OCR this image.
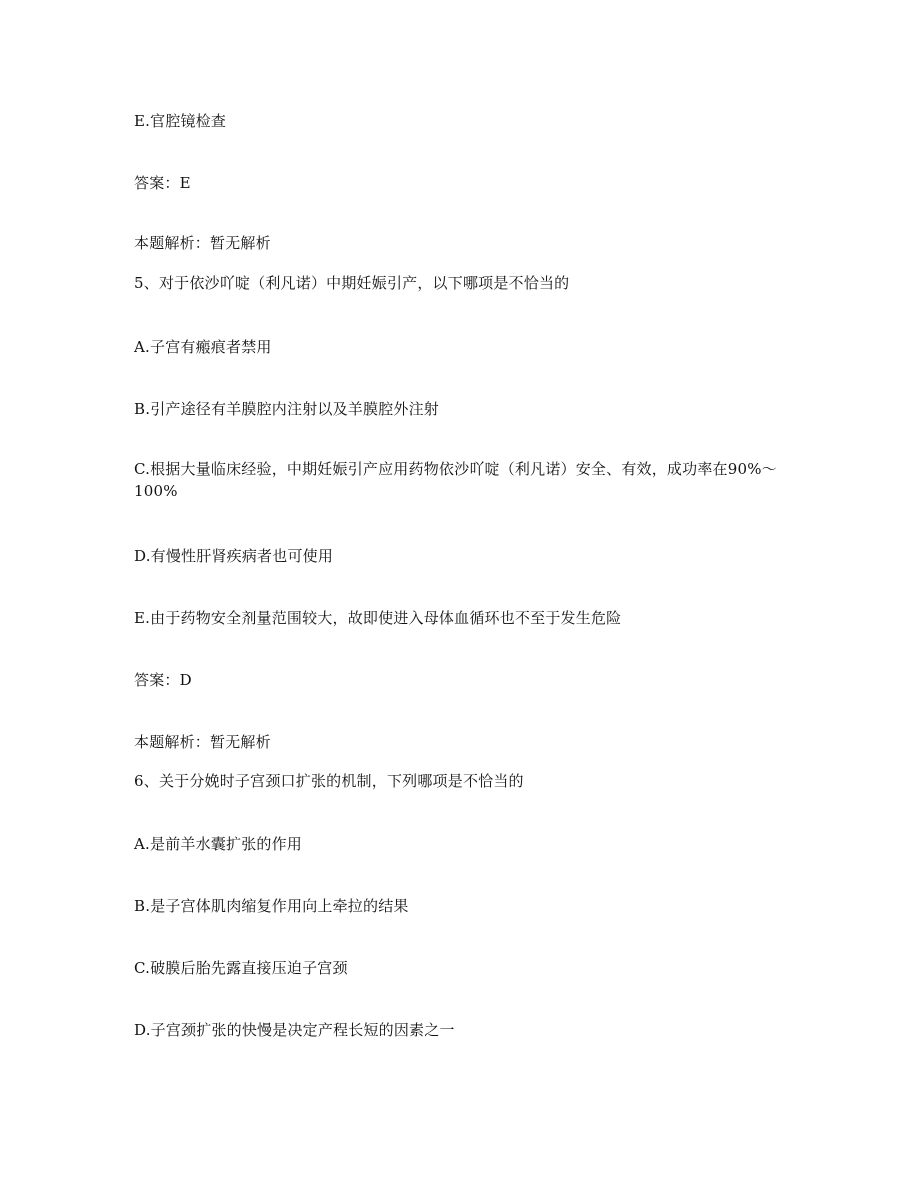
E.官腔镜检查
答案：E
本题解析：暂无解析
5、对于依沙吖啶（利凡诺）中期妊娠引产，以下哪项是不恰当的
A.子宫有瘢痕者禁用
B.引产途径有羊膜腔内注射以及羊膜腔外注射
C.根据大量临床经验，中期妊娠引产应用药物依沙吖啶（利凡诺）安全、有效，成功率在90%～100%
D.有慢性肝肾疾病者也可使用
E.由于药物安全剂量范围较大，故即使进入母体血循环也不至于发生危险
答案：D
本题解析：暂无解析
6、关于分娩时子宫颈口扩张的机制，下列哪项是不恰当的
A.是前羊水囊扩张的作用
B.是子宫体肌肉缩复作用向上牵拉的结果
C.破膜后胎先露直接压迫子宫颈
D.子宫颈扩张的快慢是决定产程长短的因素之一
